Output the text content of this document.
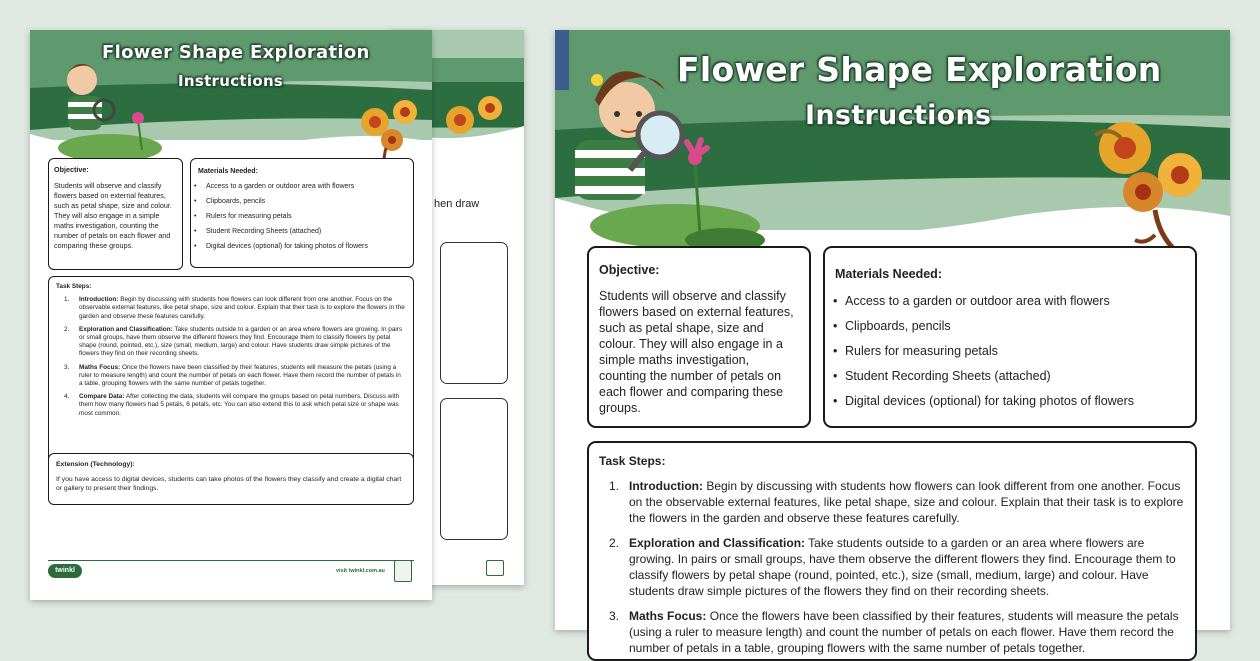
hen draw
Flower Shape Exploration
Instructions
Objective:
Students will observe and classify flowers based on external features, such as petal shape, size and colour. They will also engage in a simple maths investigation, counting the number of petals on each flower and comparing these groups.
Materials Needed:
• Access to a garden or outdoor area with flowers
• Clipboards, pencils
• Rulers for measuring petals
• Student Recording Sheets (attached)
• Digital devices (optional) for taking photos of flowers
Task Steps:
1. Introduction: Begin by discussing with students how flowers can look different from one another. Focus on the observable external features, like petal shape, size and colour. Explain that their task is to explore the flowers in the garden and observe these features carefully.
2. Exploration and Classification: Take students outside to a garden or an area where flowers are growing. In pairs or small groups, have them observe the different flowers they find. Encourage them to classify flowers by petal shape (round, pointed, etc.), size (small, medium, large) and colour. Have students draw simple pictures of the flowers they find on their recording sheets.
3. Maths Focus: Once the flowers have been classified by their features, students will measure the petals (using a ruler to measure length) and count the number of petals on each flower. Have them record the number of petals in a table, grouping flowers with the same number of petals together.
4. Compare Data: After collecting the data, students will compare the groups based on petal numbers. Discuss with them how many flowers had 5 petals, 6 petals, etc. You can also extend this to ask which petal size or shape was most common.
Extension (Technology):
If you have access to digital devices, students can take photos of the flowers they classify and create a digital chart or gallery to present their findings.
twinkl	visit twinkl.com.au
Flower Shape Exploration
Instructions
Objective:
Students will observe and classify flowers based on external features, such as petal shape, size and colour. They will also engage in a simple maths investigation, counting the number of petals on each flower and comparing these groups.
Materials Needed:
• Access to a garden or outdoor area with flowers
• Clipboards, pencils
• Rulers for measuring petals
• Student Recording Sheets (attached)
• Digital devices (optional) for taking photos of flowers
Task Steps:
1. Introduction: Begin by discussing with students how flowers can look different from one another. Focus on the observable external features, like petal shape, size and colour. Explain that their task is to explore the flowers in the garden and observe these features carefully.
2. Exploration and Classification: Take students outside to a garden or an area where flowers are growing. In pairs or small groups, have them observe the different flowers they find. Encourage them to classify flowers by petal shape (round, pointed, etc.), size (small, medium, large) and colour. Have students draw simple pictures of the flowers they find on their recording sheets.
3. Maths Focus: Once the flowers have been classified by their features, students will measure the petals (using a ruler to measure length) and count the number of petals on each flower. Have them record the number of petals in a table, grouping flowers with the same number of petals together.
